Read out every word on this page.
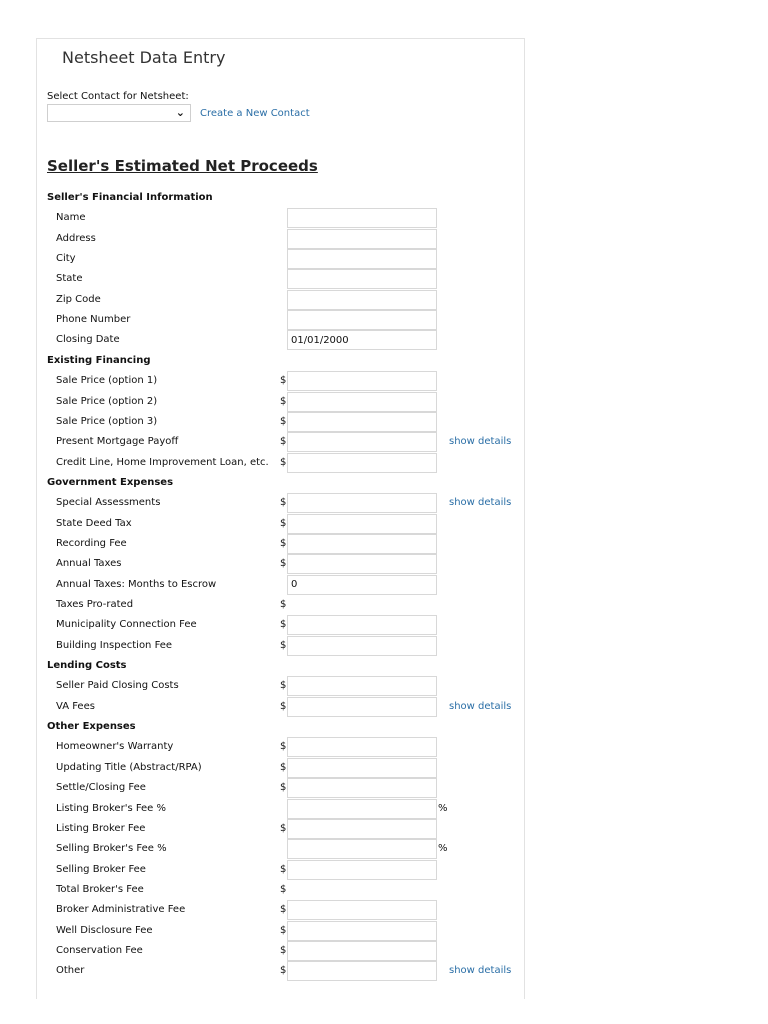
Netsheet Data Entry
Select Contact for Netsheet:
⌄ Create a New Contact
Seller's Estimated Net Proceeds
Seller's Financial Information
Name
Address
City
State
Zip Code
Phone Number
Closing Date
01/01/2000
Existing Financing
Sale Price (option 1)	$
Sale Price (option 2)	$
Sale Price (option 3)	$
Present Mortgage Payoff	$	show details
Credit Line, Home Improvement Loan, etc. $
Government Expenses
Special Assessments	$	show details
State Deed Tax	$
Recording Fee	$
Annual Taxes	$
Annual Taxes: Months to Escrow
0
Taxes Pro-rated	$
Municipality Connection Fee	$
Building Inspection Fee	$
Lending Costs
Seller Paid Closing Costs	$
VA Fees	$	show details
Other Expenses
Homeowner's Warranty	$
Updating Title (Abstract/RPA)	$
Settle/Closing Fee	$
Listing Broker's Fee %	%
Listing Broker Fee	$
Selling Broker's Fee %	%
Selling Broker Fee	$
Total Broker's Fee	$
Broker Administrative Fee	$
Well Disclosure Fee	$
Conservation Fee	$
Other	$	show details
